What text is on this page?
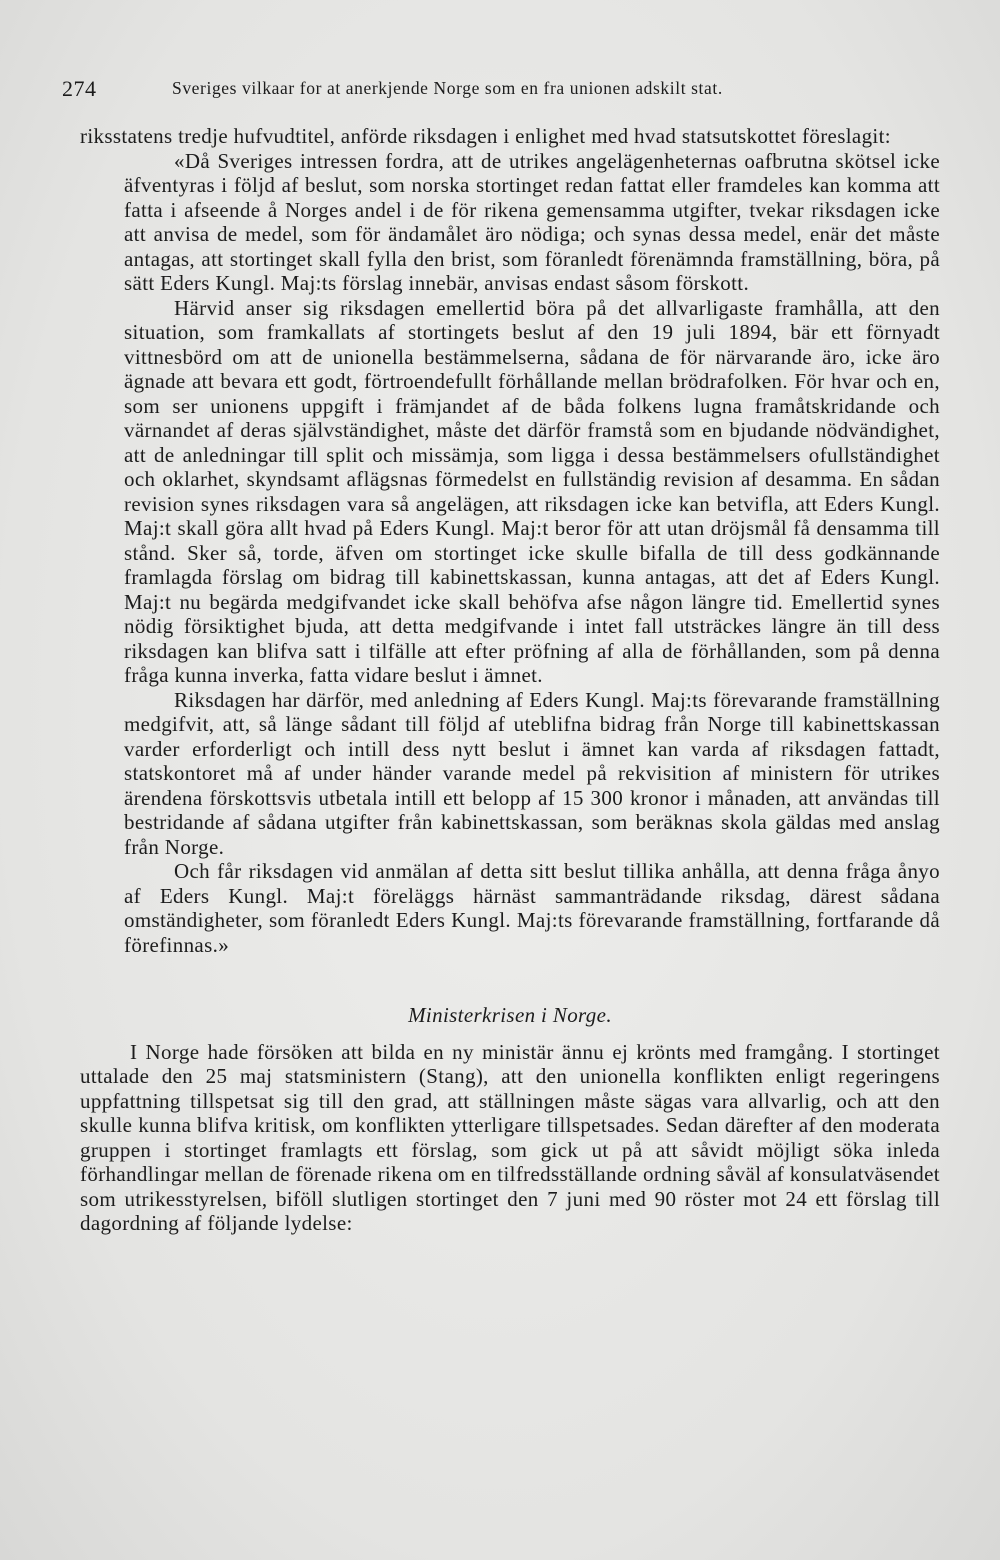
274	Sveriges vilkaar for at anerkjende Norge som en fra unionen adskilt stat.

riksstatens tredje hufvudtitel, anförde riksdagen i enlighet med hvad statsutskottet föreslagit:

«Då Sveriges intressen fordra, att de utrikes angelägenheternas oafbrutna skötsel icke äfventyras i följd af beslut, som norska stortinget redan fattat eller framdeles kan komma att fatta i afseende å Norges andel i de för rikena gemensamma utgifter, tvekar riksdagen icke att anvisa de medel, som för ändamålet äro nödiga; och synas dessa medel, enär det måste antagas, att stortinget skall fylla den brist, som föranledt förenämnda framställning, böra, på sätt Eders Kungl. Maj:ts förslag innebär, anvisas endast såsom förskott.

Härvid anser sig riksdagen emellertid böra på det allvarligaste framhålla, att den situation, som framkallats af stortingets beslut af den 19 juli 1894, bär ett förnyadt vittnesbörd om att de unionella bestämmelserna, sådana de för närvarande äro, icke äro ägnade att bevara ett godt, förtroendefullt förhållande mellan brödrafolken. För hvar och en, som ser unionens uppgift i främjandet af de båda folkens lugna framåtskridande och värnandet af deras självständighet, måste det därför framstå som en bjudande nödvändighet, att de anledningar till split och missämja, som ligga i dessa bestämmelsers ofullständighet och oklarhet, skyndsamt aflägsnas förmedelst en fullständig revision af desamma. En sådan revision synes riksdagen vara så angelägen, att riksdagen icke kan betvifla, att Eders Kungl. Maj:t skall göra allt hvad på Eders Kungl. Maj:t beror för att utan dröjsmål få densamma till stånd. Sker så, torde, äfven om stortinget icke skulle bifalla de till dess godkännande framlagda förslag om bidrag till kabinettskassan, kunna antagas, att det af Eders Kungl. Maj:t nu begärda medgifvandet icke skall behöfva afse någon längre tid. Emellertid synes nödig försiktighet bjuda, att detta medgifvande i intet fall utsträckes längre än till dess riksdagen kan blifva satt i tilfälle att efter pröfning af alla de förhållanden, som på denna fråga kunna inverka, fatta vidare beslut i ämnet.

Riksdagen har därför, med anledning af Eders Kungl. Maj:ts förevarande framställning medgifvit, att, så länge sådant till följd af uteblifna bidrag från Norge till kabinettskassan varder erforderligt och intill dess nytt beslut i ämnet kan varda af riksdagen fattadt, statskontoret må af under händer varande medel på rekvisition af ministern för utrikes ärendena förskottsvis utbetala intill ett belopp af 15 300 kronor i månaden, att användas till bestridande af sådana utgifter från kabinettskassan, som beräknas skola gäldas med anslag från Norge.

Och får riksdagen vid anmälan af detta sitt beslut tillika anhålla, att denna fråga ånyo af Eders Kungl. Maj:t föreläggs härnäst sammanträdande riksdag, därest sådana omständigheter, som föranledt Eders Kungl. Maj:ts förevarande framställning, fortfarande då förefinnas.»

Ministerkrisen i Norge.

I Norge hade försöken att bilda en ny ministär ännu ej krönts med framgång. I stortinget uttalade den 25 maj statsministern (Stang), att den unionella konflikten enligt regeringens uppfattning tillspetsat sig till den grad, att ställningen måste sägas vara allvarlig, och att den skulle kunna blifva kritisk, om konflikten ytterligare tillspetsades. Sedan därefter af den moderata gruppen i stortinget framlagts ett förslag, som gick ut på att såvidt möjligt söka inleda förhandlingar mellan de förenade rikena om en tilfredsställande ordning såväl af konsulatväsendet som utrikesstyrelsen, biföll slutligen stortinget den 7 juni med 90 röster mot 24 ett förslag till dagordning af följande lydelse:
